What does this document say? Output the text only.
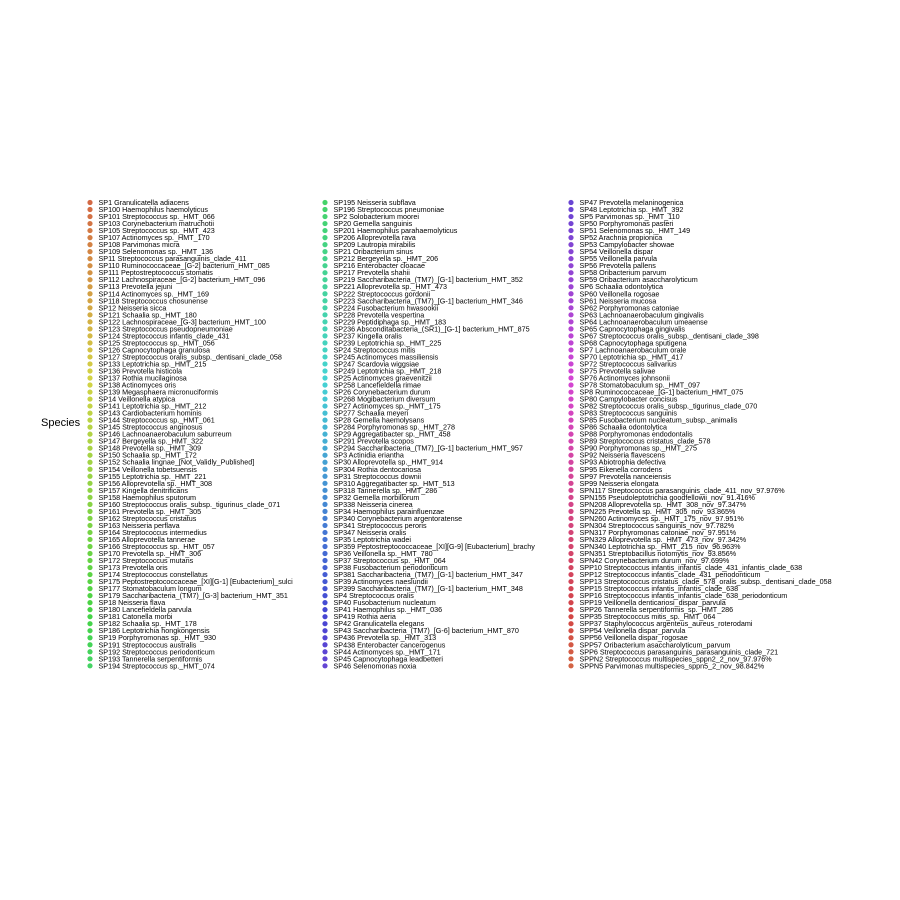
Species
SP1 Granulicatella adiacens
SP100 Haemophilus haemolyticus
SP101 Streptococcus sp._HMT_066
SP103 Corynebacterium matruchotii
SP105 Streptococcus sp._HMT_423
SP107 Actinomyces sp._HMT_170
SP108 Parvimonas micra
SP109 Selenomonas sp._HMT_136
SP11 Streptococcus parasanguinis_clade_411
SP110 Ruminococcaceae_[G-2] bacterium_HMT_085
SP111 Peptostreptococcus stomatis
SP112 Lachnospiraceae_[G-2] bacterium_HMT_096
SP113 Prevotella jejuni
SP114 Actinomyces sp._HMT_169
SP118 Streptococcus chosunense
SP12 Neisseria sicca
SP121 Schaalia sp._HMT_180
SP122 Lachnospiraceae_[G-3] bacterium_HMT_100
SP123 Streptococcus pseudopneumoniae
SP124 Streptococcus infantis_clade_431
SP125 Streptococcus sp._HMT_056
SP126 Capnocytophaga granulosa
SP127 Streptococcus oralis_subsp._dentisani_clade_058
SP133 Leptotrichia sp._HMT_215
SP136 Prevotella histicola
SP137 Rothia mucilaginosa
SP138 Actinomyces oris
SP139 Megasphaera micronuciformis
SP14 Veillonella atypica
SP141 Leptotrichia sp._HMT_212
SP143 Cardiobacterium hominis
SP144 Streptococcus sp._HMT_061
SP145 Streptococcus anginosus
SP146 Lachnoanaerobaculum saburreum
SP147 Bergeyella sp._HMT_322
SP148 Prevotella sp._HMT_309
SP150 Schaalia sp._HMT_172
SP152 Schaalia lingnae_[Not_Validly_Published]
SP154 Veillonella tobetsuensis
SP155 Leptotrichia sp._HMT_221
SP156 Alloprevotella sp._HMT_308
SP157 Kingella denitrificans
SP158 Haemophilus sputorum
SP160 Streptococcus oralis_subsp._tigurinus_clade_071
SP161 Prevotella sp._HMT_305
SP162 Streptococcus cristatus
SP163 Neisseria perflava
SP164 Streptococcus intermedius
SP165 Alloprevotella tannerae
SP166 Streptococcus sp._HMT_057
SP170 Prevotella sp._HMT_306
SP172 Streptococcus mutans
SP173 Prevotella oris
SP174 Streptococcus constellatus
SP175 Peptostreptococcaceae_[XI][G-1] [Eubacterium]_sulci
SP177 Stomatobaculum longum
SP179 Saccharibacteria_(TM7)_[G-3] bacterium_HMT_351
SP18 Neisseria flava
SP180 Lancefieldella parvula
SP181 Catonella morbi
SP182 Schaalia sp._HMT_178
SP186 Leptotrichia hongkongensis
SP19 Porphyromonas sp._HMT_930
SP191 Streptococcus australis
SP192 Streptococcus periodonticum
SP193 Tannerella serpentiformis
SP194 Streptococcus sp._HMT_074
SP195 Neisseria subflava
SP196 Streptococcus pneumoniae
SP2 Solobacterium moorei
SP20 Gemella sanguinis
SP201 Haemophilus parahaemolyticus
SP206 Alloprevotella rava
SP209 Lautropia mirabilis
SP21 Oribacterium sinus
SP212 Bergeyella sp._HMT_206
SP216 Enterobacter cloacae
SP217 Prevotella shahii
SP219 Saccharibacteria_(TM7)_[G-1] bacterium_HMT_352
SP221 Alloprevotella sp._HMT_473
SP222 Streptococcus gordonii
SP223 Saccharibacteria_(TM7)_[G-1] bacterium_HMT_346
SP224 Fusobacterium hwasookii
SP228 Prevotella vespertina
SP229 Peptidiphaga sp._HMT_183
SP236 Absconditabacteria_(SR1)_[G-1] bacterium_HMT_875
SP237 Kingella oralis
SP239 Leptotrichia sp._HMT_225
SP24 Streptococcus mitis
SP245 Actinomyces massiliensis
SP247 Scardovia wiggsiae
SP249 Leptotrichia sp._HMT_218
SP25 Actinomyces graevenitzii
SP258 Lancefieldella rimae
SP26 Corynebacterium durum
SP268 Mogibacterium diversum
SP27 Actinomyces sp._HMT_175
SP277 Schaalia meyeri
SP28 Gemella haemolysans
SP284 Porphyromonas sp._HMT_278
SP29 Aggregatibacter sp._HMT_458
SP291 Prevotella scopos
SP294 Saccharibacteria_(TM7)_[G-1] bacterium_HMT_957
SP3 Actinidia eriantha
SP30 Alloprevotella sp._HMT_914
SP304 Rothia dentocariosa
SP31 Streptococcus downii
SP310 Aggregatibacter sp._HMT_513
SP318 Tannerella sp._HMT_286
SP32 Gemella morbillorum
SP338 Neisseria cinerea
SP34 Haemophilus parainfluenzae
SP340 Corynebacterium argentoratense
SP341 Streptococcus peroris
SP347 Neisseria oralis
SP35 Leptotrichia wadei
SP359 Peptostreptococcaceae_[XI][G-9] [Eubacterium]_brachy
SP36 Veillonella sp._HMT_780
SP37 Streptococcus sp._HMT_064
SP38 Fusobacterium periodonticum
SP381 Saccharibacteria_(TM7)_[G-1] bacterium_HMT_347
SP39 Actinomyces naeslundii
SP399 Saccharibacteria_(TM7)_[G-1] bacterium_HMT_348
SP4 Streptococcus oralis
SP40 Fusobacterium nucleatum
SP41 Haemophilus sp._HMT_036
SP419 Rothia aeria
SP42 Granulicatella elegans
SP43 Saccharibacteria_(TM7)_[G-6] bacterium_HMT_870
SP436 Prevotella sp._HMT_313
SP438 Enterobacter cancerogenus
SP44 Actinomyces sp._HMT_171
SP45 Capnocytophaga leadbetteri
SP46 Selenomonas noxia
SP47 Prevotella melaninogenica
SP48 Leptotrichia sp._HMT_392
SP5 Parvimonas sp._HMT_110
SP50 Porphyromonas pasteri
SP51 Selenomonas sp._HMT_149
SP52 Arachnia propionica
SP53 Campylobacter showae
SP54 Veillonella dispar
SP55 Veillonella parvula
SP56 Prevotella pallens
SP58 Oribacterium parvum
SP59 Oribacterium asaccharolyticum
SP6 Schaalia odontolytica
SP60 Veillonella rogosae
SP61 Neisseria mucosa
SP62 Porphyromonas catoniae
SP63 Lachnoanaerobaculum gingivalis
SP64 Lachnoanaerobaculum umeaense
SP65 Capnocytophaga gingivalis
SP67 Streptococcus oralis_subsp._dentisani_clade_398
SP68 Capnocytophaga sputigena
SP7 Lachnoanaerobaculum orale
SP70 Leptotrichia sp._HMT_417
SP72 Streptococcus salivarius
SP75 Prevotella salivae
SP76 Actinomyces johnsonii
SP78 Stomatobaculum sp._HMT_097
SP8 Ruminococcaceae_[G-1] bacterium_HMT_075
SP80 Campylobacter concisus
SP82 Streptococcus oralis_subsp._tigurinus_clade_070
SP83 Streptococcus sanguinis
SP85 Fusobacterium nucleatum_subsp._animalis
SP86 Schaalia odontolytica
SP88 Porphyromonas endodontalis
SP89 Streptococcus cristatus_clade_578
SP90 Porphyromonas sp._HMT_275
SP92 Neisseria flavescens
SP93 Abiotrophia defectiva
SP95 Eikenella corrodens
SP97 Prevotella nanceiensis
SP99 Neisseria elongata
SPN117 Streptococcus parasanguinis_clade_411_nov_97.976%
SPN155 Pseudoleptotrichia goodfellowii_nov_91.416%
SPN208 Alloprevotella sp._HMT_308_nov_97.347%
SPN225 Prevotella sp._HMT_305_nov_93.865%
SPN260 Actinomyces sp._HMT_175_nov_97.951%
SPN304 Streptococcus sanguinis_nov_97.782%
SPN317 Porphyromonas catoniae_nov_97.951%
SPN329 Alloprevotella sp._HMT_473_nov_97.342%
SPN340 Leptotrichia sp._HMT_215_nov_96.963%
SPN351 Streptobacillus notomytis_nov_93.856%
SPN42 Corynebacterium durum_nov_97.699%
SPP10 Streptococcus infantis_infantis_clade_431_infantis_clade_638
SPP12 Streptococcus infantis_clade_431_periodonticum
SPP13 Streptococcus cristatus_clade_578_oralis_subsp._dentisani_clade_058
SPP15 Streptococcus infantis_infantis_clade_638
SPP16 Streptococcus infantis_infantis_clade_638_periodonticum
SPP19 Veillonella denticariosi_dispar_parvula
SPP26 Tannerella serpentiformis_sp._HMT_286
SPP35 Streptococcus mitis_sp._HMT_064
SPP37 Staphylococcus argenteus_aureus_roterodami
SPP54 Veillonella dispar_parvula
SPP56 Veillonella dispar_rogosae
SPP57 Oribacterium asaccharolyticum_parvum
SPP6 Streptococcus parasanguinis_parasanguinis_clade_721
SPPN2 Streptococcus multispecies_sppn2_2_nov_97.976%
SPPN5 Parvimonas multispecies_sppn5_2_nov_98.842%
